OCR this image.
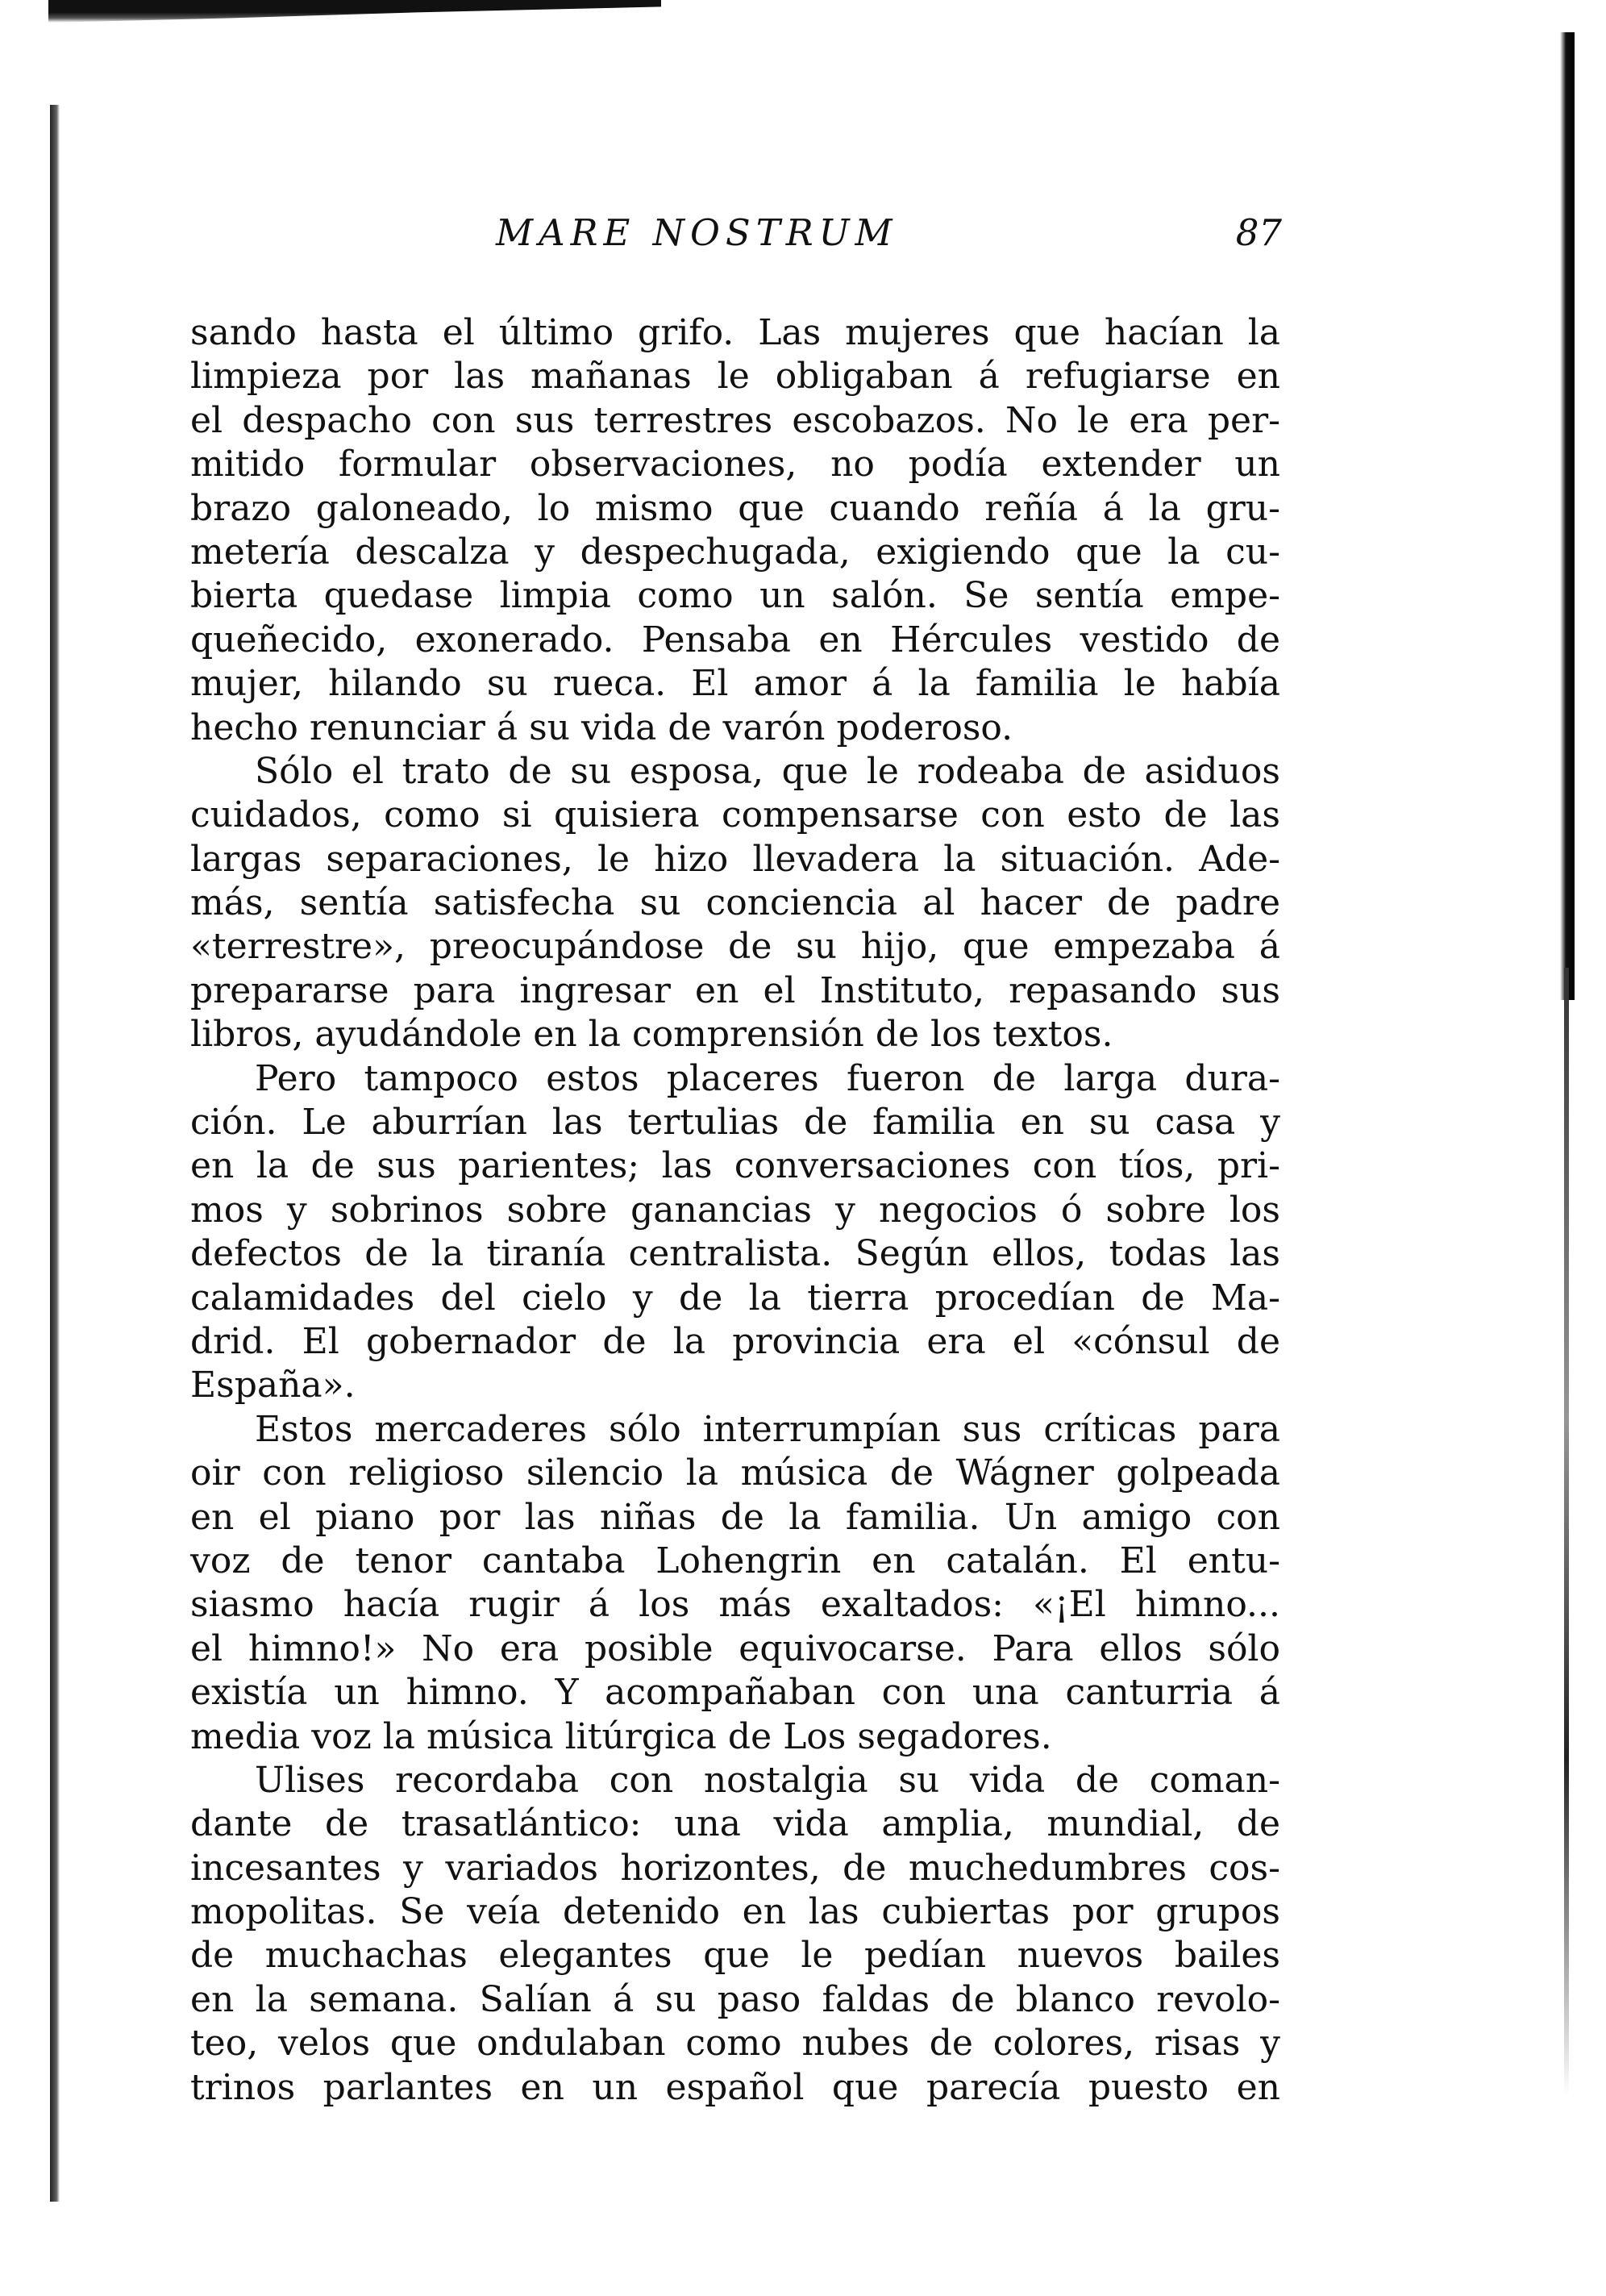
MARE NOSTRUM	87
sando hasta el último grifo. Las mujeres que hacían la
limpieza por las mañanas le obligaban á refugiarse en
el despacho con sus terrestres escobazos. No le era per-
mitido formular observaciones, no podía extender un
brazo galoneado, lo mismo que cuando reñía á la gru-
metería descalza y despechugada, exigiendo que la cu-
bierta quedase limpia como un salón. Se sentía empe-
queñecido, exonerado. Pensaba en Hércules vestido de
mujer, hilando su rueca. El amor á la familia le había
hecho renunciar á su vida de varón poderoso.
Sólo el trato de su esposa, que le rodeaba de asiduos
cuidados, como si quisiera compensarse con esto de las
largas separaciones, le hizo llevadera la situación. Ade-
más, sentía satisfecha su conciencia al hacer de padre
«terrestre», preocupándose de su hijo, que empezaba á
prepararse para ingresar en el Instituto, repasando sus
libros, ayudándole en la comprensión de los textos.
Pero tampoco estos placeres fueron de larga dura-
ción. Le aburrían las tertulias de familia en su casa y
en la de sus parientes; las conversaciones con tíos, pri-
mos y sobrinos sobre ganancias y negocios ó sobre los
defectos de la tiranía centralista. Según ellos, todas las
calamidades del cielo y de la tierra procedían de Ma-
drid. El gobernador de la provincia era el «cónsul de
España».
Estos mercaderes sólo interrumpían sus críticas para
oir con religioso silencio la música de Wágner golpeada
en el piano por las niñas de la familia. Un amigo con
voz de tenor cantaba Lohengrin en catalán. El entu-
siasmo hacía rugir á los más exaltados: «¡El himno...
el himno!» No era posible equivocarse. Para ellos sólo
existía un himno. Y acompañaban con una canturria á
media voz la música litúrgica de Los segadores.
Ulises recordaba con nostalgia su vida de coman-
dante de trasatlántico: una vida amplia, mundial, de
incesantes y variados horizontes, de muchedumbres cos-
mopolitas. Se veía detenido en las cubiertas por grupos
de muchachas elegantes que le pedían nuevos bailes
en la semana. Salían á su paso faldas de blanco revolo-
teo, velos que ondulaban como nubes de colores, risas y
trinos parlantes en un español que parecía puesto en
